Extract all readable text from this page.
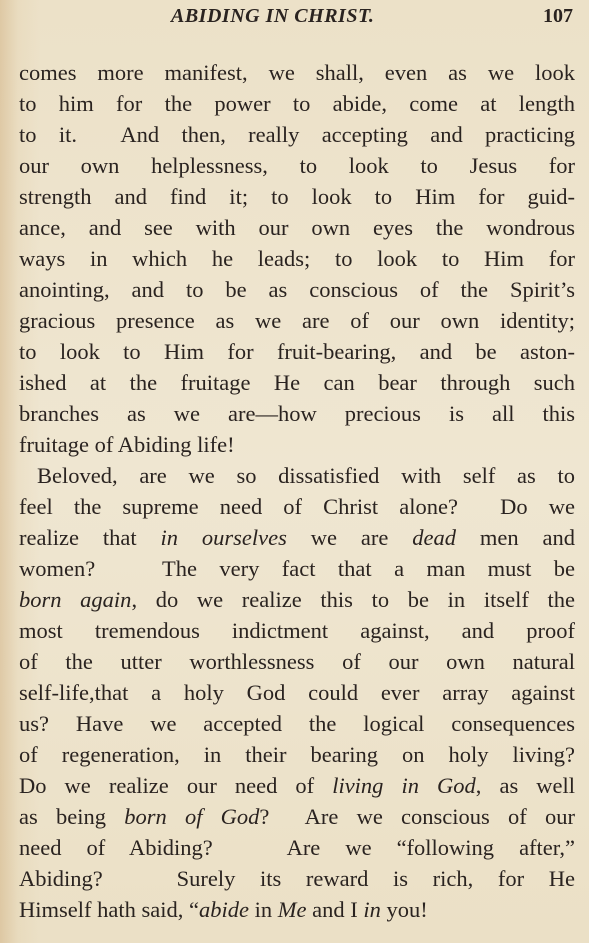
ABIDING IN CHRIST.	107
comes more manifest, we shall, even as we look
to him for the power to abide, come at length
to it.  And then, really accepting and practicing
our own helplessness, to look to Jesus for
strength and find it; to look to Him for guid-
ance, and see with our own eyes the wondrous
ways in which he leads; to look to Him for
anointing, and to be as conscious of the Spirit’s
gracious presence as we are of our own identity;
to look to Him for fruit-bearing, and be aston-
ished at the fruitage He can bear through such
branches as we are—how precious is all this
fruitage of Abiding life!
Beloved, are we so dissatisfied with self as to
feel the supreme need of Christ alone?  Do we
realize that in ourselves we are dead men and
women?   The very fact that a man must be
born again, do we realize this to be in itself the
most tremendous indictment against, and proof
of the utter worthlessness of our own natural
self-life,that a holy God could ever array against
us? Have we accepted the logical consequences
of regeneration, in their bearing on holy living?
Do we realize our need of living in God, as well
as being born of God?  Are we conscious of our
need of Abiding?   Are we “following after,”
Abiding?   Surely its reward is rich, for He
Himself hath said, “abide in Me and I in you!
